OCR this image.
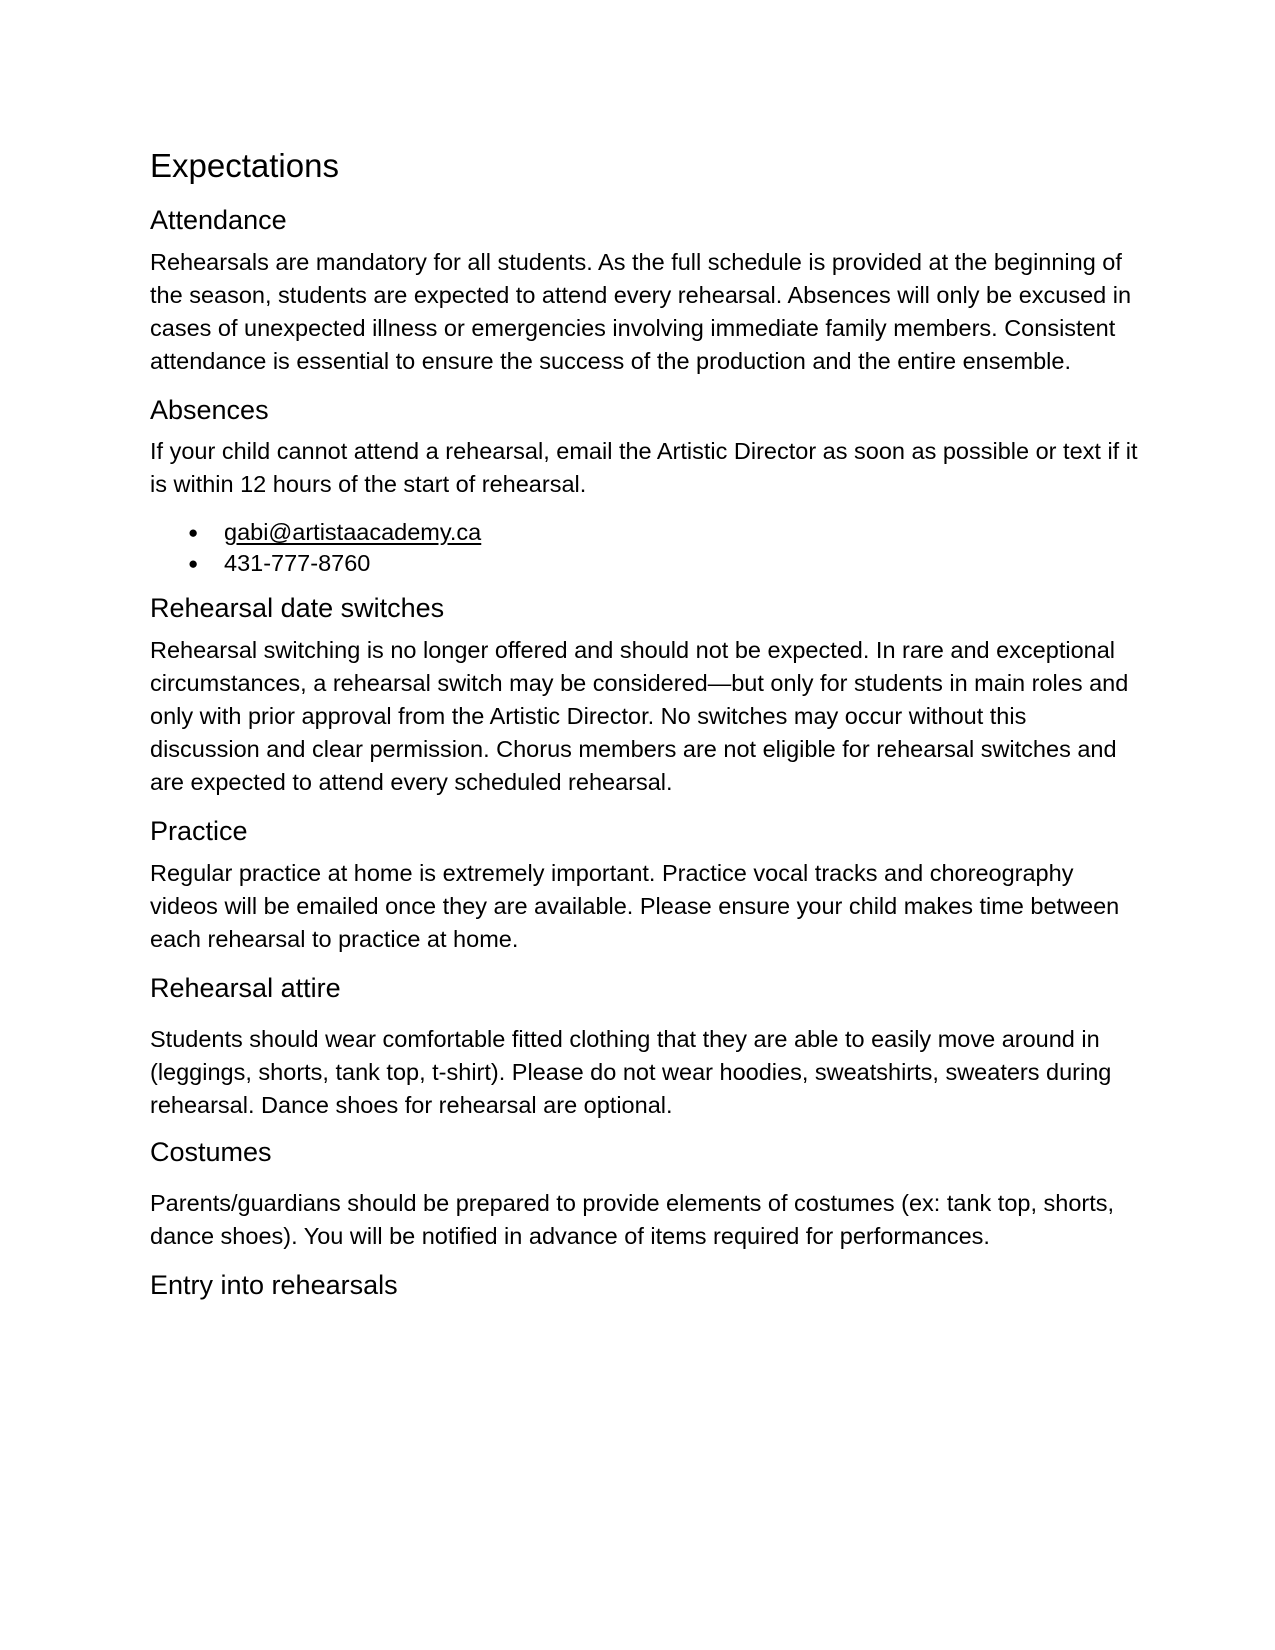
Expectations
Attendance

Rehearsals are mandatory for all students. As the full schedule is provided at the beginning of the season, students are expected to attend every rehearsal. Absences will only be excused in cases of unexpected illness or emergencies involving immediate family members. Consistent attendance is essential to ensure the success of the production and the entire ensemble.

Absences

If your child cannot attend a rehearsal, email the Artistic Director as soon as possible or text if it is within 12 hours of the start of rehearsal.

● gabi@artistaacademy.ca
● 431-777-8760
Rehearsal date switches

Rehearsal switching is no longer offered and should not be expected. In rare and exceptional circumstances, a rehearsal switch may be considered—but only for students in main roles and only with prior approval from the Artistic Director. No switches may occur without this discussion and clear permission. Chorus members are not eligible for rehearsal switches and are expected to attend every scheduled rehearsal.

Practice

Regular practice at home is extremely important. Practice vocal tracks and choreography videos will be emailed once they are available. Please ensure your child makes time between each rehearsal to practice at home.

Rehearsal attire

Students should wear comfortable fitted clothing that they are able to easily move around in (leggings, shorts, tank top, t-shirt). Please do not wear hoodies, sweatshirts, sweaters during rehearsal. Dance shoes for rehearsal are optional.

Costumes

Parents/guardians should be prepared to provide elements of costumes (ex: tank top, shorts, dance shoes). You will be notified in advance of items required for performances.

Entry into rehearsals
